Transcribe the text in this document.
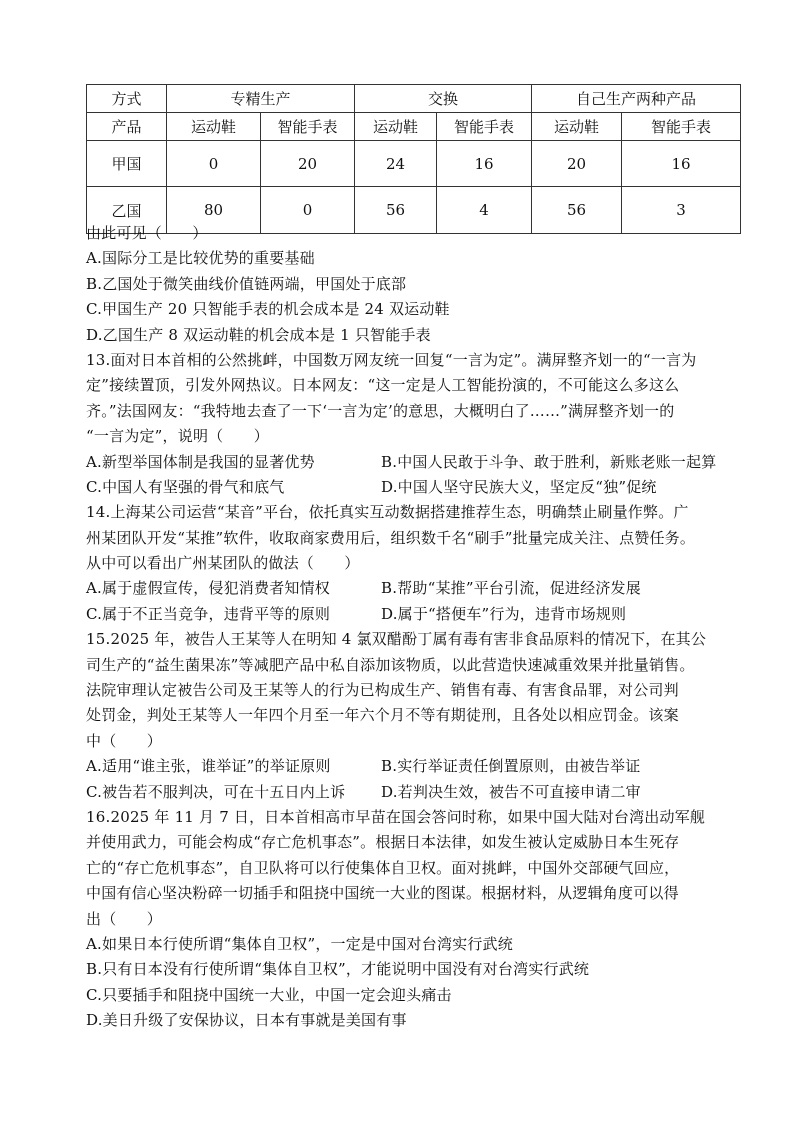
方式	专精生产		交换		自己生产两种产品	
产品	运动鞋	智能手表	运动鞋	智能手表	运动鞋	智能手表
甲国	0	20	24	16	20	16
乙国	80	0	56	4	56	3
由此可见（　　）
A.国际分工是比较优势的重要基础
B.乙国处于微笑曲线价值链两端，甲国处于底部
C.甲国生产 20 只智能手表的机会成本是 24 双运动鞋
D.乙国生产 8 双运动鞋的机会成本是 1 只智能手表
13.面对日本首相的公然挑衅，中国数万网友统一回复“一言为定”。满屏整齐划一的“一言为
定”接续置顶，引发外网热议。日本网友：“这一定是人工智能扮演的，不可能这么多这么
齐。”法国网友：“我特地去查了一下‘一言为定’的意思，大概明白了……”满屏整齐划一的
“一言为定”，说明（　　）
A.新型举国体制是我国的显著优势	B.中国人民敢于斗争、敢于胜利，新账老账一起算
C.中国人有坚强的骨气和底气	D.中国人坚守民族大义，坚定反“独”促统
14.上海某公司运营“某音”平台，依托真实互动数据搭建推荐生态，明确禁止刷量作弊。广
州某团队开发“某推”软件，收取商家费用后，组织数千名“刷手”批量完成关注、点赞任务。
从中可以看出广州某团队的做法（　　）
A.属于虚假宣传，侵犯消费者知情权	B.帮助“某推”平台引流，促进经济发展
C.属于不正当竞争，违背平等的原则	D.属于“搭便车”行为，违背市场规则
15.2025 年，被告人王某等人在明知 4 氯双醋酚丁属有毒有害非食品原料的情况下，在其公
司生产的“益生菌果冻”等减肥产品中私自添加该物质，以此营造快速减重效果并批量销售。
法院审理认定被告公司及王某等人的行为已构成生产、销售有毒、有害食品罪，对公司判
处罚金，判处王某等人一年四个月至一年六个月不等有期徒刑，且各处以相应罚金。该案
中（　　）
A.适用“谁主张，谁举证”的举证原则	B.实行举证责任倒置原则，由被告举证
C.被告若不服判决，可在十五日内上诉	D.若判决生效，被告不可直接申请二审
16.2025 年 11 月 7 日，日本首相高市早苗在国会答问时称，如果中国大陆对台湾出动军舰
并使用武力，可能会构成“存亡危机事态”。根据日本法律，如发生被认定威胁日本生死存
亡的“存亡危机事态”，自卫队将可以行使集体自卫权。面对挑衅，中国外交部硬气回应，
中国有信心坚决粉碎一切插手和阻挠中国统一大业的图谋。根据材料，从逻辑角度可以得
出（　　）
A.如果日本行使所谓“集体自卫权”，一定是中国对台湾实行武统
B.只有日本没有行使所谓“集体自卫权”，才能说明中国没有对台湾实行武统
C.只要插手和阻挠中国统一大业，中国一定会迎头痛击
D.美日升级了安保协议，日本有事就是美国有事
